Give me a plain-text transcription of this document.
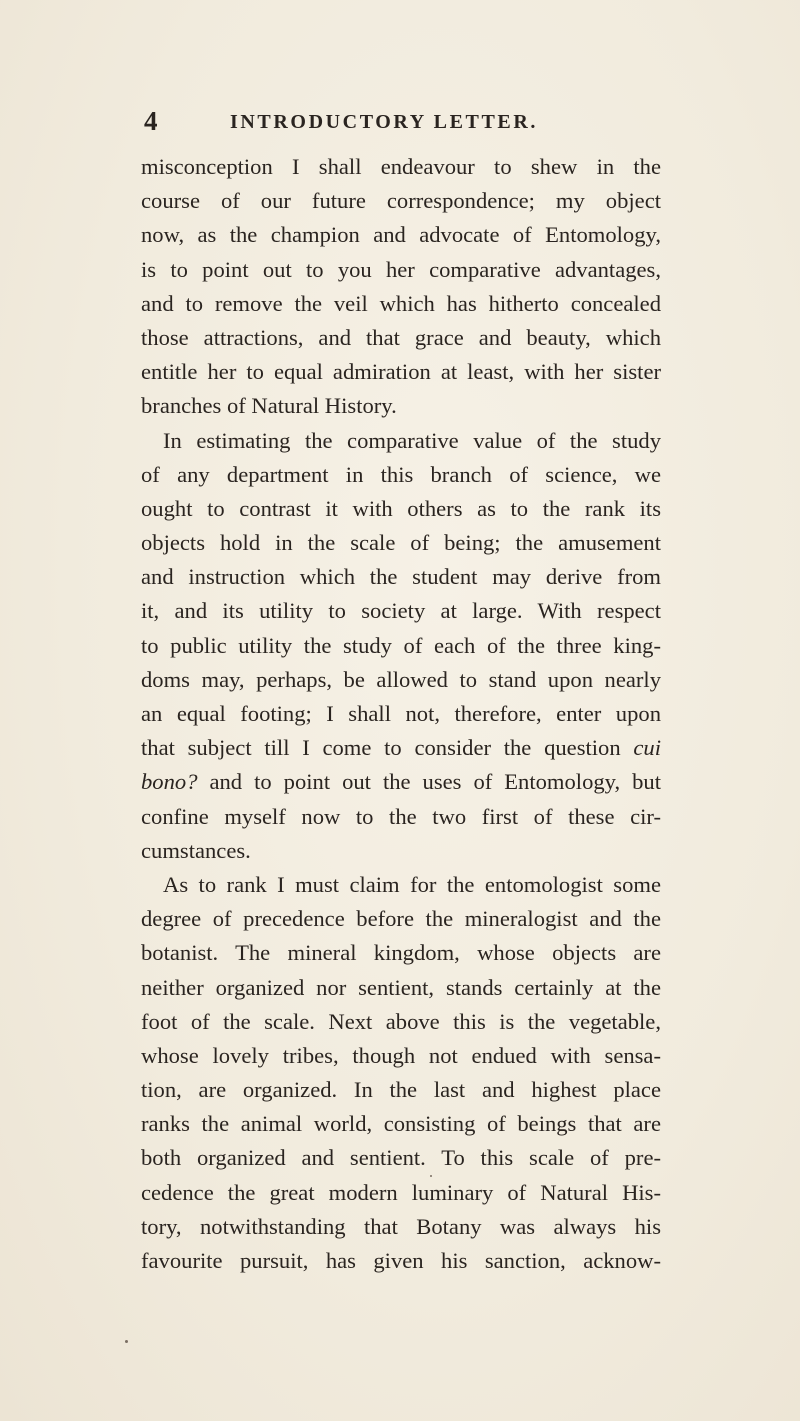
4	INTRODUCTORY LETTER.
misconception I shall endeavour to shew in the
course of our future correspondence; my object
now, as the champion and advocate of Entomology,
is to point out to you her comparative advantages,
and to remove the veil which has hitherto concealed
those attractions, and that grace and beauty, which
entitle her to equal admiration at least, with her sister
branches of Natural History.
In estimating the comparative value of the study
of any department in this branch of science, we
ought to contrast it with others as to the rank its
objects hold in the scale of being; the amusement
and instruction which the student may derive from
it, and its utility to society at large. With respect
to public utility the study of each of the three king-
doms may, perhaps, be allowed to stand upon nearly
an equal footing; I shall not, therefore, enter upon
that subject till I come to consider the question cui
bono? and to point out the uses of Entomology, but
confine myself now to the two first of these cir-
cumstances.
As to rank I must claim for the entomologist some
degree of precedence before the mineralogist and the
botanist. The mineral kingdom, whose objects are
neither organized nor sentient, stands certainly at the
foot of the scale. Next above this is the vegetable,
whose lovely tribes, though not endued with sensa-
tion, are organized. In the last and highest place
ranks the animal world, consisting of beings that are
both organized and sentient. To this scale of pre-
cedence the great modern luminary of Natural His-
tory, notwithstanding that Botany was always his
favourite pursuit, has given his sanction, acknow-
